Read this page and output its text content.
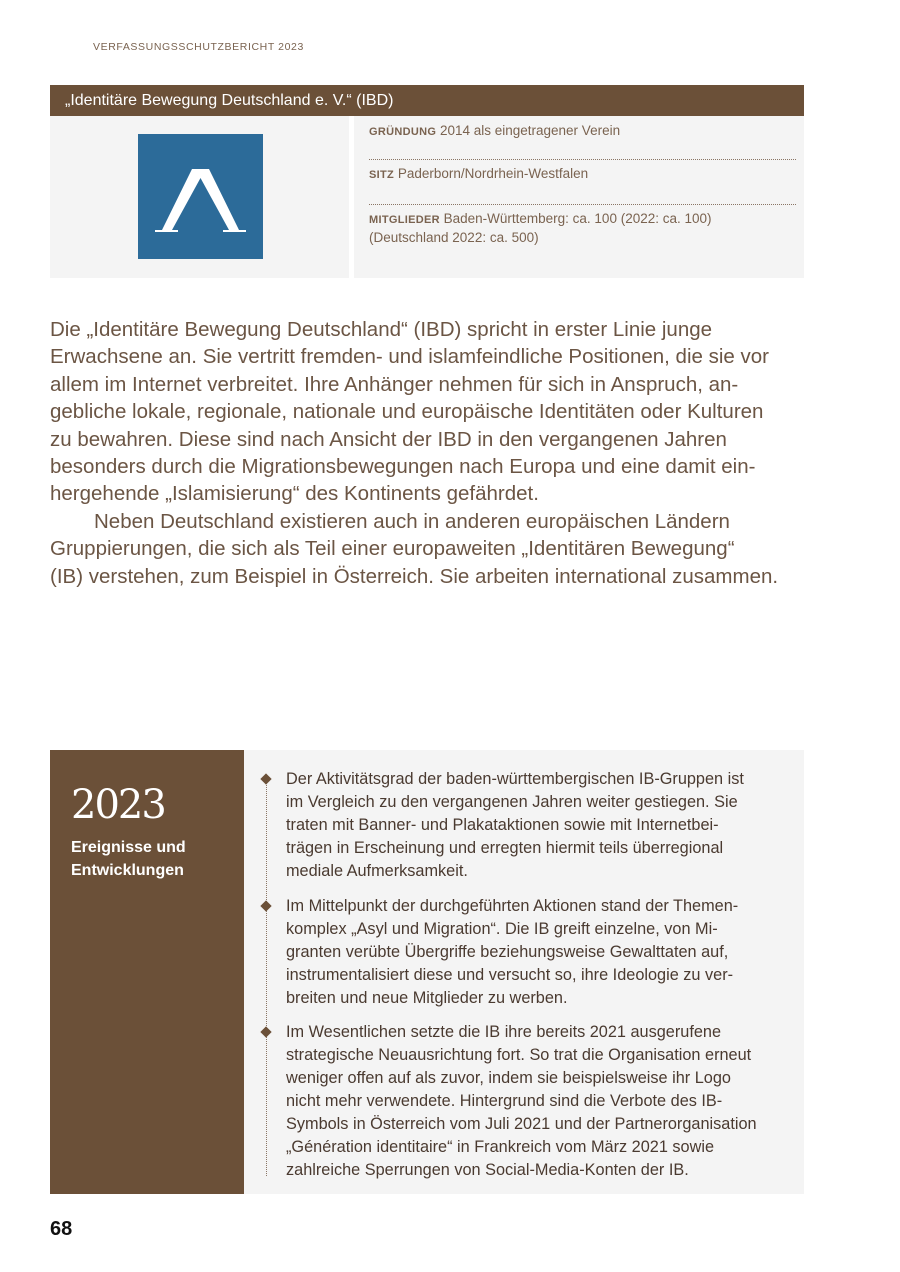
VERFASSUNGSSCHUTZBERICHT 2023
„Identitäre Bewegung Deutschland e. V.“ (IBD)
GRÜNDUNG 2014 als eingetragener Verein
SITZ Paderborn/Nordrhein-Westfalen
MITGLIEDER Baden-Württemberg: ca. 100 (2022: ca. 100)
(Deutschland 2022: ca. 500)

Die „Identitäre Bewegung Deutschland“ (IBD) spricht in erster Linie junge
Erwachsene an. Sie vertritt fremden- und islamfeindliche Positionen, die sie vor
allem im Internet verbreitet. Ihre Anhänger nehmen für sich in Anspruch, an-
gebliche lokale, regionale, nationale und europäische Identitäten oder Kulturen
zu bewahren. Diese sind nach Ansicht der IBD in den vergangenen Jahren
besonders durch die Migrationsbewegungen nach Europa und eine damit ein-
hergehende „Islamisierung“ des Kontinents gefährdet.

Neben Deutschland existieren auch in anderen europäischen Ländern
Gruppierungen, die sich als Teil einer europaweiten „Identitären Bewegung“
(IB) verstehen, zum Beispiel in Österreich. Sie arbeiten international zusammen.

2023
Ereignisse und
Entwicklungen
Der Aktivitätsgrad der baden-württembergischen IB-Gruppen ist
im Vergleich zu den vergangenen Jahren weiter gestiegen. Sie
traten mit Banner- und Plakataktionen sowie mit Internetbei-
trägen in Erscheinung und erregten hiermit teils überregional
mediale Aufmerksamkeit.
Im Mittelpunkt der durchgeführten Aktionen stand der Themen-
komplex „Asyl und Migration“. Die IB greift einzelne, von Mi-
granten verübte Übergriffe beziehungsweise Gewalttaten auf,
instrumentalisiert diese und versucht so, ihre Ideologie zu ver-
breiten und neue Mitglieder zu werben.
Im Wesentlichen setzte die IB ihre bereits 2021 ausgerufene
strategische Neuausrichtung fort. So trat die Organisation erneut
weniger offen auf als zuvor, indem sie beispielsweise ihr Logo
nicht mehr verwendete. Hintergrund sind die Verbote des IB-
Symbols in Österreich vom Juli 2021 und der Partnerorganisation
„Génération identitaire“ in Frankreich vom März 2021 sowie
zahlreiche Sperrungen von Social-Media-Konten der IB.
68
